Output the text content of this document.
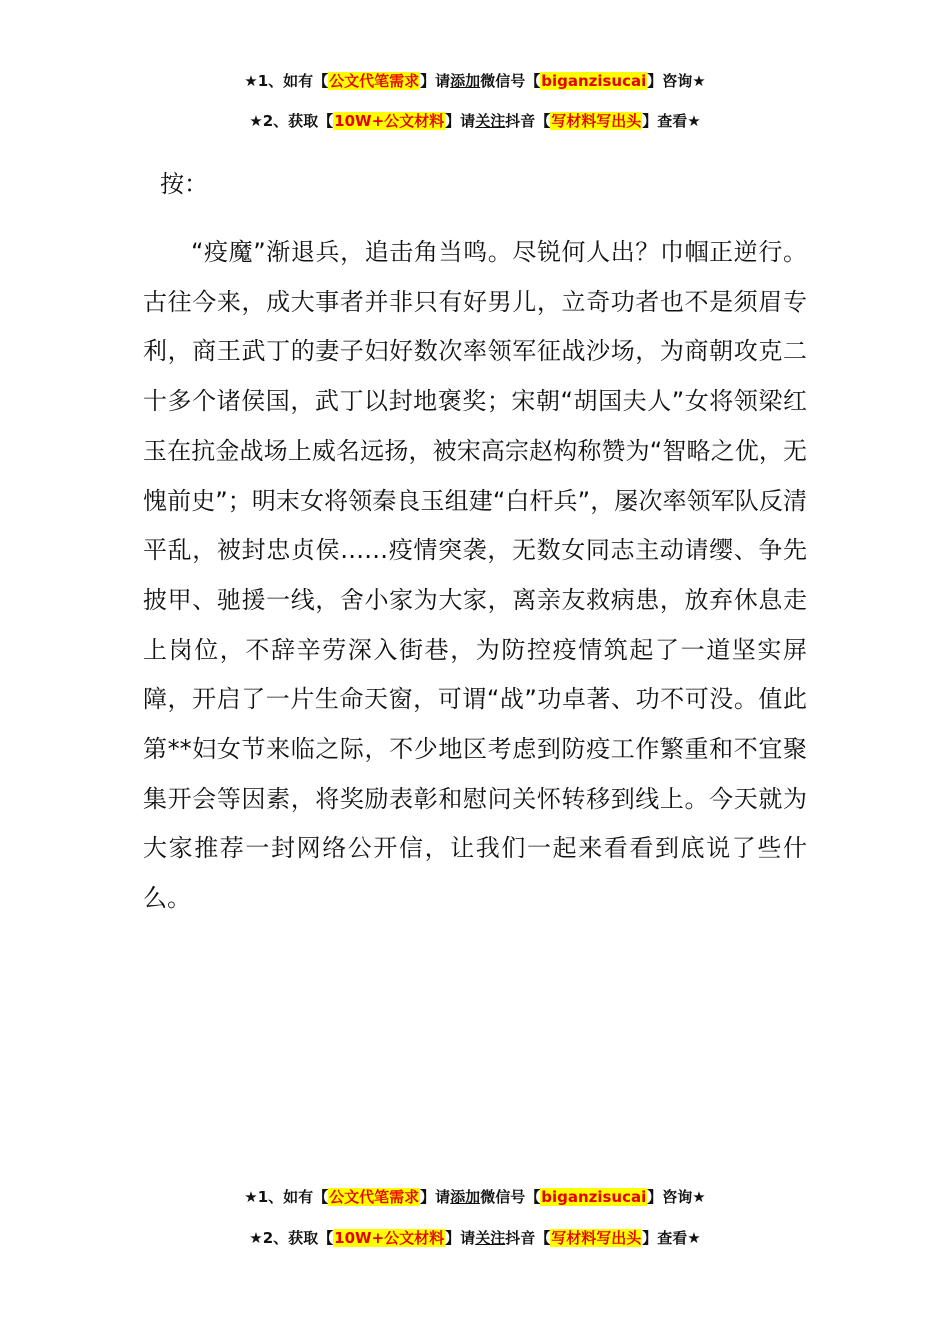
★1、如有【公文代笔需求】请添加微信号【biganzisucai】咨询★
★2、获取【10W+公文材料】请关注抖音【写材料写出头】查看★
按：

“疫魔”渐退兵，追击角当鸣。尽锐何人出？巾帼正逆行。古往今来，成大事者并非只有好男儿，立奇功者也不是须眉专利，商王武丁的妻子妇好数次率领军征战沙场，为商朝攻克二十多个诸侯国，武丁以封地褒奖；宋朝“胡国夫人”女将领梁红玉在抗金战场上威名远扬，被宋高宗赵构称赞为“智略之优，无愧前史”；明末女将领秦良玉组建“白杆兵”，屡次率领军队反清平乱，被封忠贞侯……疫情突袭，无数女同志主动请缨、争先披甲、驰援一线，舍小家为大家，离亲友救病患，放弃休息走上岗位，不辞辛劳深入街巷，为防控疫情筑起了一道坚实屏障，开启了一片生命天窗，可谓“战”功卓著、功不可没。值此第**妇女节来临之际，不少地区考虑到防疫工作繁重和不宜聚集开会等因素，将奖励表彰和慰问关怀转移到线上。今天就为大家推荐一封网络公开信，让我们一起来看看到底说了些什么。

★1、如有【公文代笔需求】请添加微信号【biganzisucai】咨询★
★2、获取【10W+公文材料】请关注抖音【写材料写出头】查看★
